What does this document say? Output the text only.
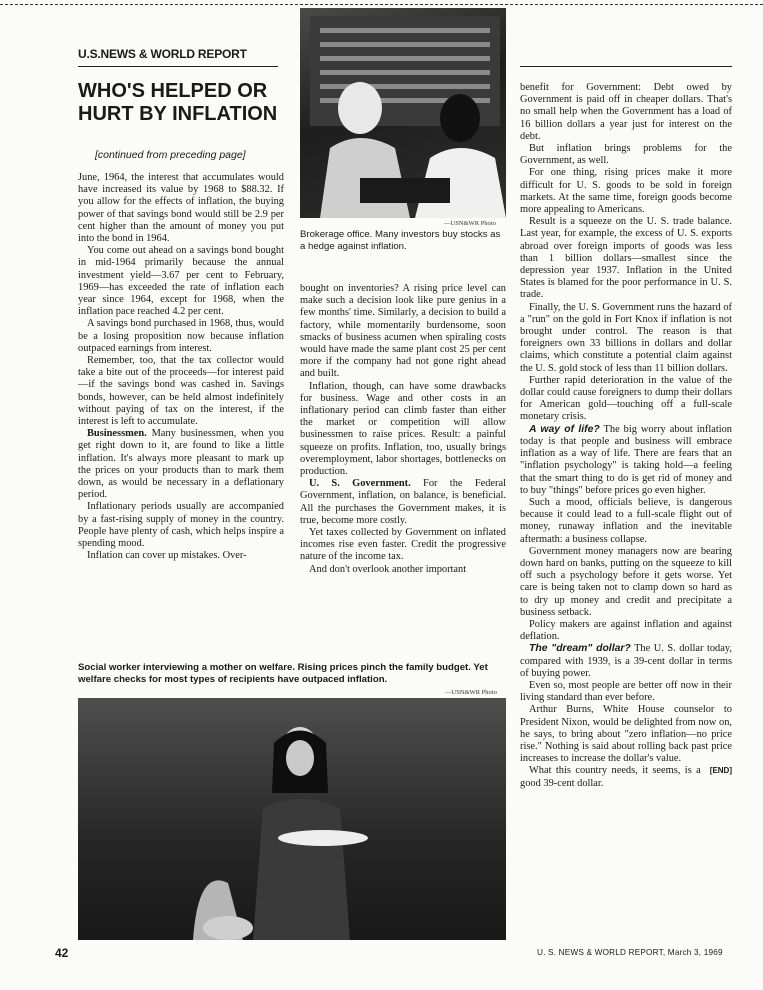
U.S.NEWS & WORLD REPORT
WHO'S HELPED OR
HURT BY INFLATION
[continued from preceding page]

June, 1964, the interest that accumulates would have increased its value by 1968 to $88.32. If you allow for the effects of inflation, the buying power of that savings bond would still be 2.9 per cent higher than the amount of money you put into the bond in 1964.

You come out ahead on a savings bond bought in mid-1964 primarily because the annual investment yield—3.67 per cent to February, 1969—has exceeded the rate of inflation each year since 1964, except for 1968, when the inflation pace reached 4.2 per cent.

A savings bond purchased in 1968, thus, would be a losing proposition now because inflation outpaced earnings from interest.

Remember, too, that the tax collector would take a bite out of the proceeds—for interest paid—if the savings bond was cashed in. Savings bonds, however, can be held almost indefinitely without paying of tax on the interest, if the interest is left to accumulate.

Businessmen. Many businessmen, when you get right down to it, are found to like a little inflation. It's always more pleasant to mark up the prices on your products than to mark them down, as would be necessary in a deflationary period.

Inflationary periods usually are accompanied by a fast-rising supply of money in the country. People have plenty of cash, which helps inspire a spending mood.

Inflation can cover up mistakes. Over-

—USN&WR Photo
Brokerage office. Many investors buy stocks as a hedge against inflation.

bought on inventories? A rising price level can make such a decision look like pure genius in a few months' time. Similarly, a decision to build a factory, while momentarily burdensome, soon smacks of business acumen when spiraling costs would have made the same plant cost 25 per cent more if the company had not gone right ahead and built.

Inflation, though, can have some drawbacks for business. Wage and other costs in an inflationary period can climb faster than either the market or competition will allow businessmen to raise prices. Result: a painful squeeze on profits. Inflation, too, usually brings overemployment, labor shortages, bottlenecks on production.

U. S. Government. For the Federal Government, inflation, on balance, is beneficial. All the purchases the Government makes, it is true, become more costly.

Yet taxes collected by Government on inflated incomes rise even faster. Credit the progressive nature of the income tax.

And don't overlook another important

Social worker interviewing a mother on welfare. Rising prices pinch the family budget. Yet welfare checks for most types of recipients have outpaced inflation.
—USN&WR Photo

benefit for Government: Debt owed by Government is paid off in cheaper dollars. That's no small help when the Government has a load of 16 billion dollars a year just for interest on the debt.

But inflation brings problems for the Government, as well.

For one thing, rising prices make it more difficult for U. S. goods to be sold in foreign markets. At the same time, foreign goods become more appealing to Americans.

Result is a squeeze on the U. S. trade balance. Last year, for example, the excess of U. S. exports abroad over foreign imports of goods was less than 1 billion dollars—smallest since the depression year 1937. Inflation in the United States is blamed for the poor performance in U. S. trade.

Finally, the U. S. Government runs the hazard of a "run" on the gold in Fort Knox if inflation is not brought under control. The reason is that foreigners own 33 billions in dollars and dollar claims, which constitute a potential claim against the U. S. gold stock of less than 11 billion dollars.

Further rapid deterioration in the value of the dollar could cause foreigners to dump their dollars for American gold—touching off a full-scale monetary crisis.

A way of life? The big worry about inflation today is that people and business will embrace inflation as a way of life. There are fears that an "inflation psychology" is taking hold—a feeling that the smart thing to do is get rid of money and to buy "things" before prices go even higher.

Such a mood, officials believe, is dangerous because it could lead to a full-scale flight out of money, runaway inflation and the inevitable aftermath: a business collapse.

Government money managers now are bearing down hard on banks, putting on the squeeze to kill off such a psychology before it gets worse. Yet care is being taken not to clamp down so hard as to dry up money and credit and precipitate a business setback.

Policy makers are against inflation and against deflation.

The "dream" dollar? The U. S. dollar today, compared with 1939, is a 39-cent dollar in terms of buying power.

Even so, most people are better off now in their living standard than ever before.

Arthur Burns, White House counselor to President Nixon, would be delighted from now on, he says, to bring about "zero inflation—no price rise." Nothing is said about rolling back past price increases to increase the dollar's value.

[END]
What this country needs, it seems, is a good 39-cent dollar.

42	U. S. NEWS & WORLD REPORT, March 3, 1969
